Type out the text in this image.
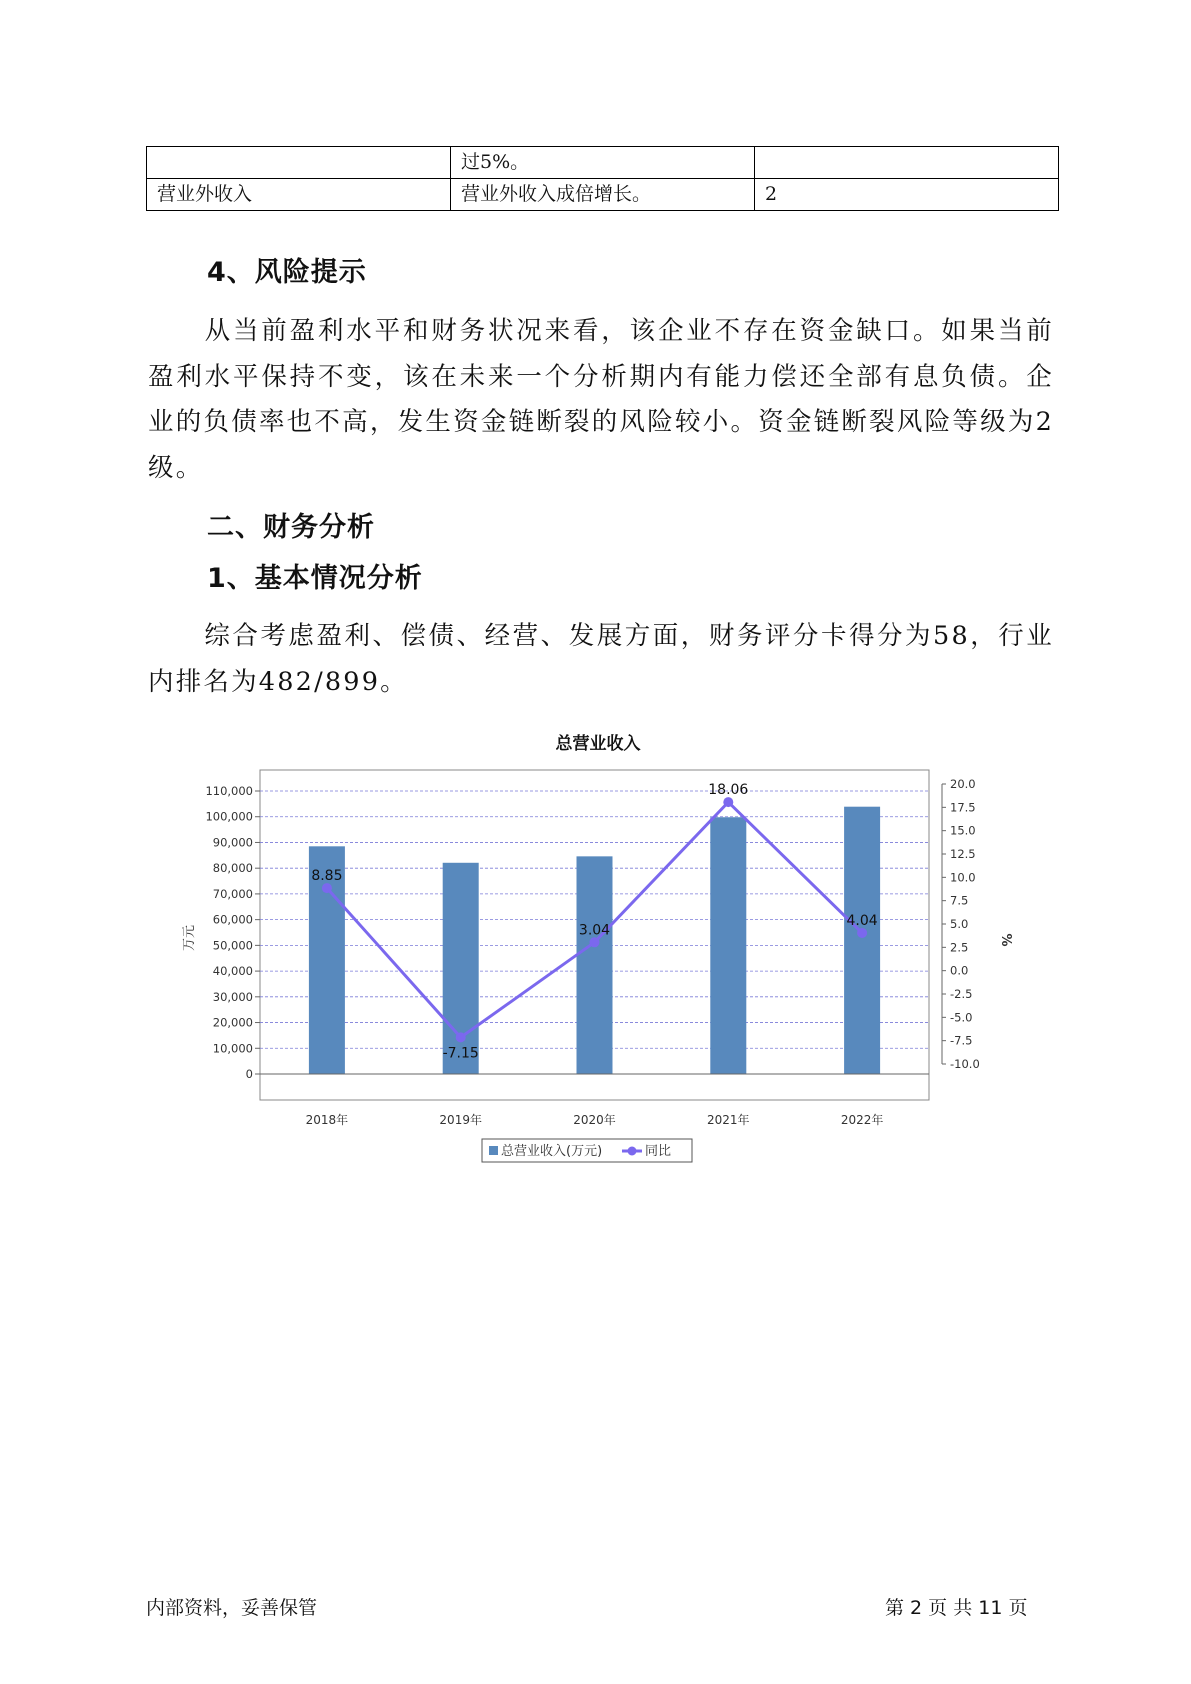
	过5%。	
营业外收入	营业外收入成倍增长。	2
4、风险提示
从当前盈利水平和财务状况来看，该企业不存在资金缺口。如果当前盈利水平保持不变，该在未来一个分析期内有能力偿还全部有息负债。企业的负债率也不高，发生资金链断裂的风险较小。资金链断裂风险等级为2级。
二、财务分析
1、基本情况分析
综合考虑盈利、偿债、经营、发展方面，财务评分卡得分为58，行业内排名为482/899。
总营业收入
8.85
-7.15
3.04
18.06
4.04
0
10,000
20,000
30,000
40,000
50,000
60,000
70,000
80,000
90,000
100,000
110,000
-10.0
-7.5
-5.0
-2.5
0.0
2.5
5.0
7.5
10.0
12.5
15.0
17.5
20.0
2018年	2019年	2020年	2021年	2022年
万元	%
总营业收入(万元)	同比
内部资料，妥善保管	第 2 页 共 11 页
